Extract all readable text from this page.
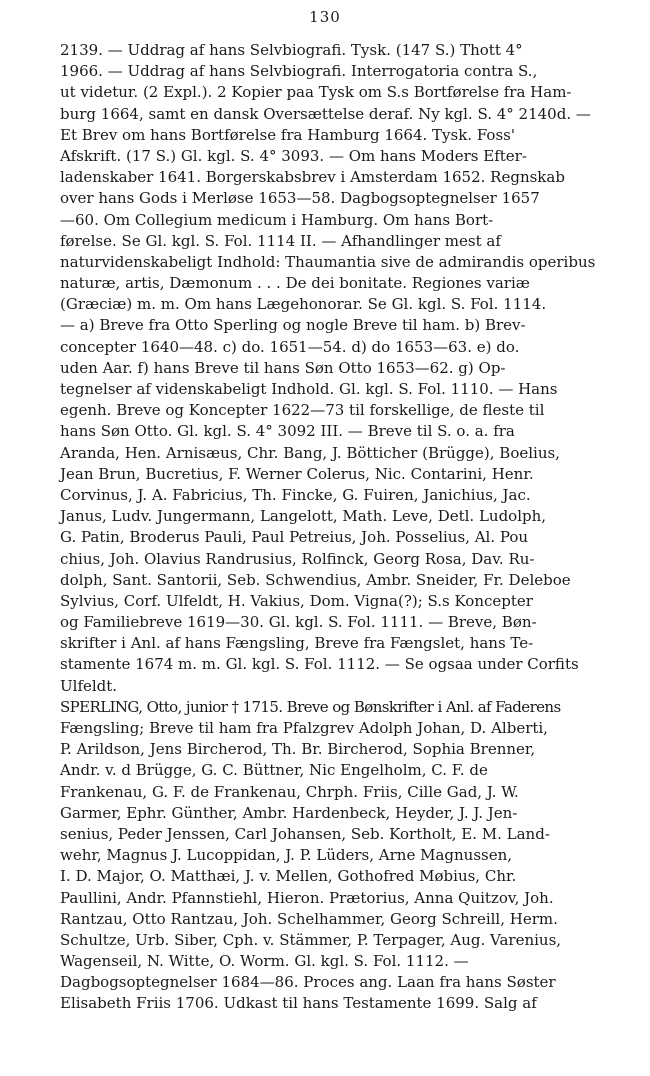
130
2139. — Uddrag af hans Selvbiografi. Tysk. (147 S.) Thott 4°
1966. — Uddrag af hans Selvbiografi. Interrogatoria contra S.,
ut videtur. (2 Expl.). 2 Kopier paa Tysk om S.s Bortførelse fra Ham-
burg 1664, samt en dansk Oversættelse deraf. Ny kgl. S. 4° 2140d. —
Et Brev om hans Bortførelse fra Hamburg 1664. Tysk. Foss'
Afskrift. (17 S.) Gl. kgl. S. 4° 3093. — Om hans Moders Efter-
ladenskaber 1641. Borgerskabsbrev i Amsterdam 1652. Regnskab
over hans Gods i Merløse 1653—58. Dagbogsoptegnelser 1657
—60. Om Collegium medicum i Hamburg. Om hans Bort-
førelse. Se Gl. kgl. S. Fol. 1114 II. — Afhandlinger mest af
naturvidenskabeligt Indhold: Thaumantia sive de admirandis operibus
naturæ, artis, Dæmonum . . . De dei bonitate. Regiones variæ
(Græciæ) m. m. Om hans Lægehonorar. Se Gl. kgl. S. Fol. 1114.
— a) Breve fra Otto Sperling og nogle Breve til ham. b) Brev-
concepter 1640—48. c) do. 1651—54. d) do 1653—63. e) do.
uden Aar. f) hans Breve til hans Søn Otto 1653—62. g) Op-
tegnelser af videnskabeligt Indhold. Gl. kgl. S. Fol. 1110. — Hans
egenh. Breve og Koncepter 1622—73 til forskellige, de fleste til
hans Søn Otto. Gl. kgl. S. 4° 3092 III. — Breve til S. o. a. fra
Aranda, Hen. Arnisæus, Chr. Bang, J. Bötticher (Brügge), Boelius,
Jean Brun, Bucretius, F. Werner Colerus, Nic. Contarini, Henr.
Corvinus, J. A. Fabricius, Th. Fincke, G. Fuiren, Janichius, Jac.
Janus, Ludv. Jungermann, Langelott, Math. Leve, Detl. Ludolph,
G. Patin, Broderus Pauli, Paul Petreius, Joh. Posselius, Al. Pou
chius, Joh. Olavius Randrusius, Rolfinck, Georg Rosa, Dav. Ru-
dolph, Sant. Santorii, Seb. Schwendius, Ambr. Sneider, Fr. Deleboe
Sylvius, Corf. Ulfeldt, H. Vakius, Dom. Vigna(?); S.s Koncepter
og Familiebreve 1619—30. Gl. kgl. S. Fol. 1111. — Breve, Bøn-
skrifter i Anl. af hans Fængsling, Breve fra Fængslet, hans Te-
stamente 1674 m. m. Gl. kgl. S. Fol. 1112. — Se ogsaa under Corfits
Ulfeldt.
SPERLING, Otto, junior † 1715. Breve og Bønskrifter i Anl. af Faderens
Fængsling; Breve til ham fra Pfalzgrev Adolph Johan, D. Alberti,
P. Arildson, Jens Bircherod, Th. Br. Bircherod, Sophia Brenner,
Andr. v. d Brügge, G. C. Büttner, Nic Engelholm, C. F. de
Frankenau, G. F. de Frankenau, Chrph. Friis, Cille Gad, J. W.
Garmer, Ephr. Günther, Ambr. Hardenbeck, Heyder, J. J. Jen-
senius, Peder Jenssen, Carl Johansen, Seb. Kortholt, E. M. Land-
wehr, Magnus J. Lucoppidan, J. P. Lüders, Arne Magnussen,
I. D. Major, O. Matthæi, J. v. Mellen, Gothofred Møbius, Chr.
Paullini, Andr. Pfannstiehl, Hieron. Prætorius, Anna Quitzov, Joh.
Rantzau, Otto Rantzau, Joh. Schelhammer, Georg Schreill, Herm.
Schultze, Urb. Siber, Cph. v. Stämmer, P. Terpager, Aug. Varenius,
Wagenseil, N. Witte, O. Worm. Gl. kgl. S. Fol. 1112. —
Dagbogsoptegnelser 1684—86. Proces ang. Laan fra hans Søster
Elisabeth Friis 1706. Udkast til hans Testamente 1699. Salg af
